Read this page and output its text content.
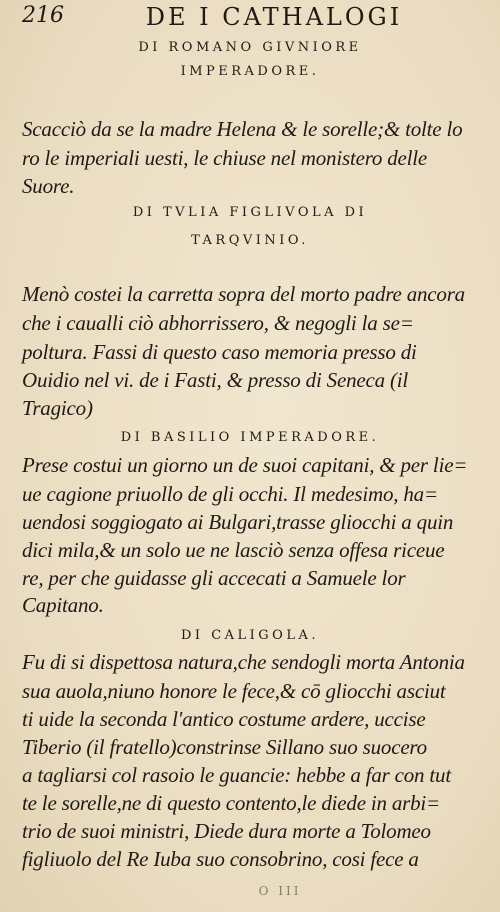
216	DE I CATHALOGI
DI ROMANO GIVNIORE
IMPERADORE.
Scacciò da se la madre Helena & le sorelle;& tolte lo
ro le imperiali uesti, le chiuse nel monistero delle
Suore.
DI TVLIA FIGLIVOLA DI
TARQVINIO.
Menò costei la carretta sopra del morto padre ancora
che i caualli ciò abhorrissero, & negogli la se=
poltura. Fassi di questo caso memoria presso di
Ouidio nel vi. de i Fasti, & presso di Seneca (il
Tragico)
DI BASILIO IMPERADORE.
Prese costui un giorno un de suoi capitani, & per lie=
ue cagione priuollo de gli occhi. Il medesimo, ha=
uendosi soggiogato ai Bulgari,trasse gliocchi a quin
dici mila,& un solo ue ne lasciò senza offesa riceue
re, per che guidasse gli accecati a Samuele lor
Capitano.
DI CALIGOLA.
Fu di si dispettosa natura,che sendogli morta Antonia
sua auola,niuno honore le fece,& cō gliocchi asciut
ti uide la seconda l'antico costume ardere, uccise
Tiberio (il fratello)constrinse Sillano suo suocero
a tagliarsi col rasoio le guancie: hebbe a far con tut
te le sorelle,ne di questo contento,le diede in arbi=
trio de suoi ministri, Diede dura morte a Tolomeo
figliuolo del Re Iuba suo consobrino, cosi fece a
O III
